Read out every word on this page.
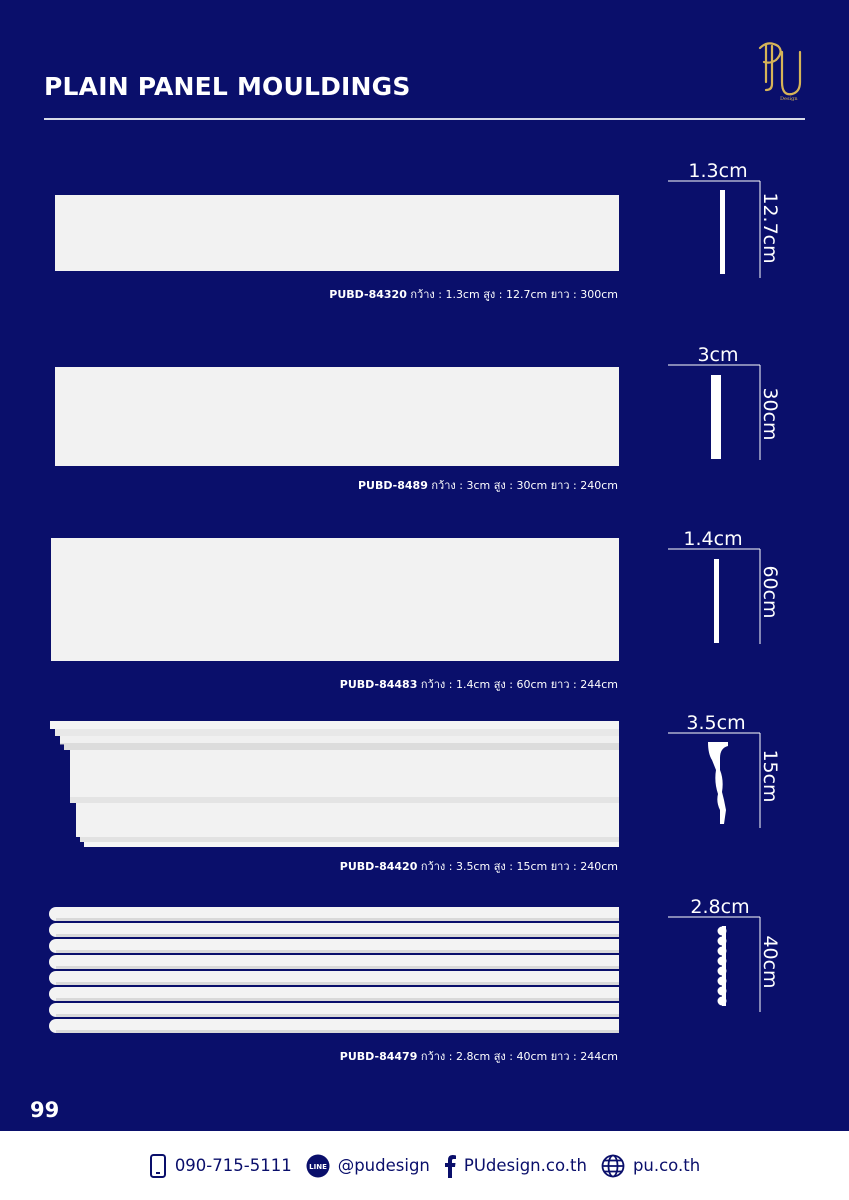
PLAIN PANEL MOULDINGS	Design
PUBD-84320 กว้าง : 1.3cm สูง : 12.7cm ยาว : 300cm
1.3cm
12.7cm
PUBD-8489 กว้าง : 3cm สูง : 30cm ยาว : 240cm
3cm
30cm
PUBD-84483 กว้าง : 1.4cm สูง : 60cm ยาว : 244cm
1.4cm
60cm
PUBD-84420 กว้าง : 3.5cm สูง : 15cm ยาว : 240cm
3.5cm
15cm
PUBD-84479 กว้าง : 2.8cm สูง : 40cm ยาว : 244cm
2.8cm
40cm
99
090-715-5111 LINE @pudesign PUdesign.co.th	pu.co.th
